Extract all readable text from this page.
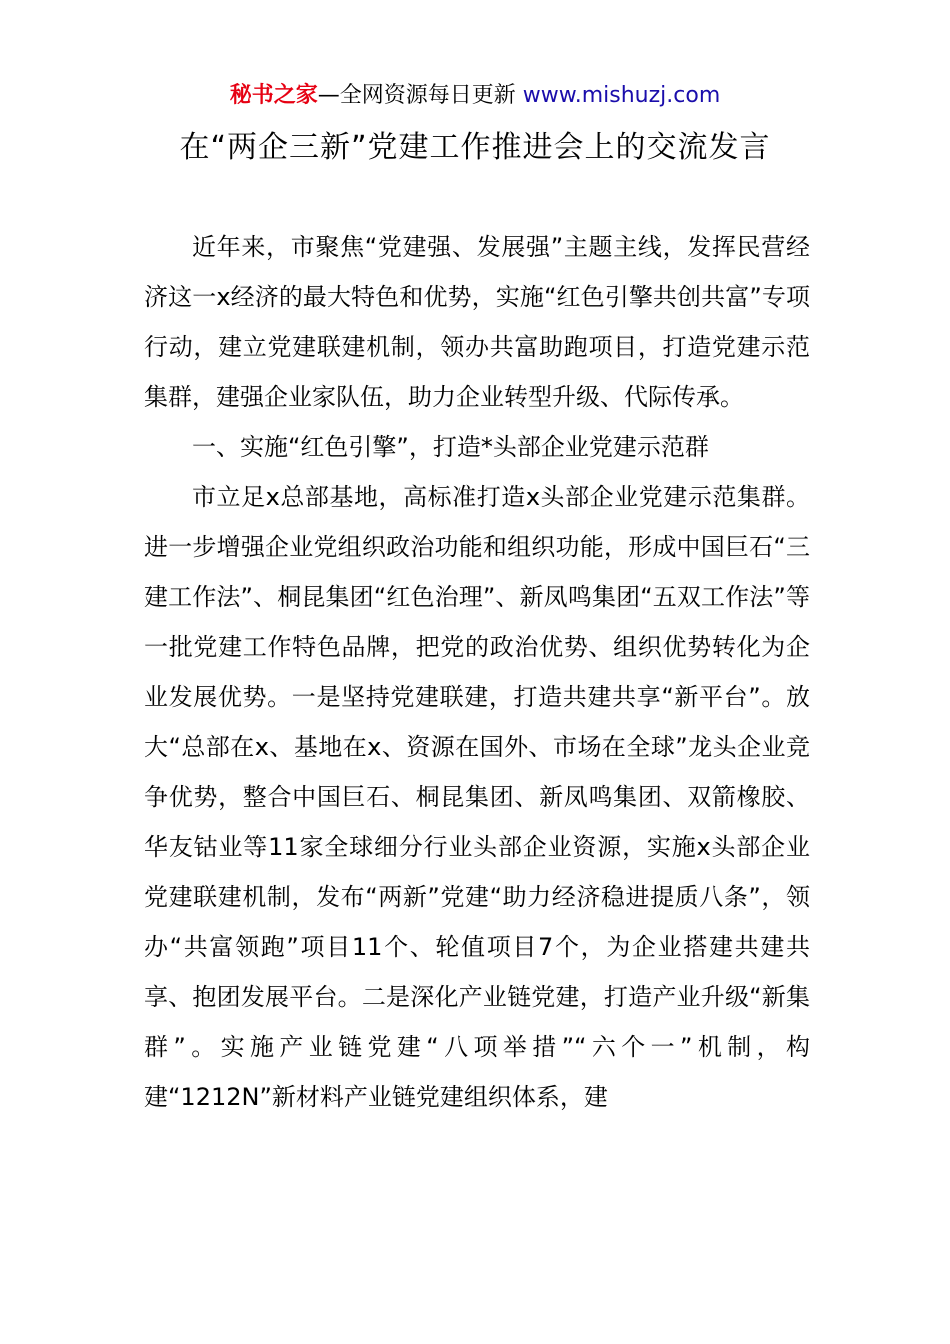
秘书之家—全网资源每日更新 www.mishuzj.com
在“两企三新”党建工作推进会上的交流发言

近年来，市聚焦“党建强、发展强”主题主线，发挥民营经济这一x经济的最大特色和优势，实施“红色引擎共创共富”专项行动，建立党建联建机制，领办共富助跑项目，打造党建示范集群，建强企业家队伍，助力企业转型升级、代际传承。

一、实施“红色引擎”，打造*头部企业党建示范群

市立足x总部基地，高标准打造x头部企业党建示范集群。进一步增强企业党组织政治功能和组织功能，形成中国巨石“三建工作法”、桐昆集团“红色治理”、新凤鸣集团“五双工作法”等一批党建工作特色品牌，把党的政治优势、组织优势转化为企业发展优势。一是坚持党建联建，打造共建共享“新平台”。放大“总部在x、基地在x、资源在国外、市场在全球”龙头企业竞争优势，整合中国巨石、桐昆集团、新凤鸣集团、双箭橡胶、华友钴业等11家全球细分行业头部企业资源，实施x头部企业党建联建机制，发布“两新”党建“助力经济稳进提质八条”，领办“共富领跑”项目11个、轮值项目7个，为企业搭建共建共享、抱团发展平台。二是深化产业链党建，打造产业升级“新集群”。实施产业链党建“八项举措”“六个一”机制，构建“1212N”新材料产业链党建组织体系，建
